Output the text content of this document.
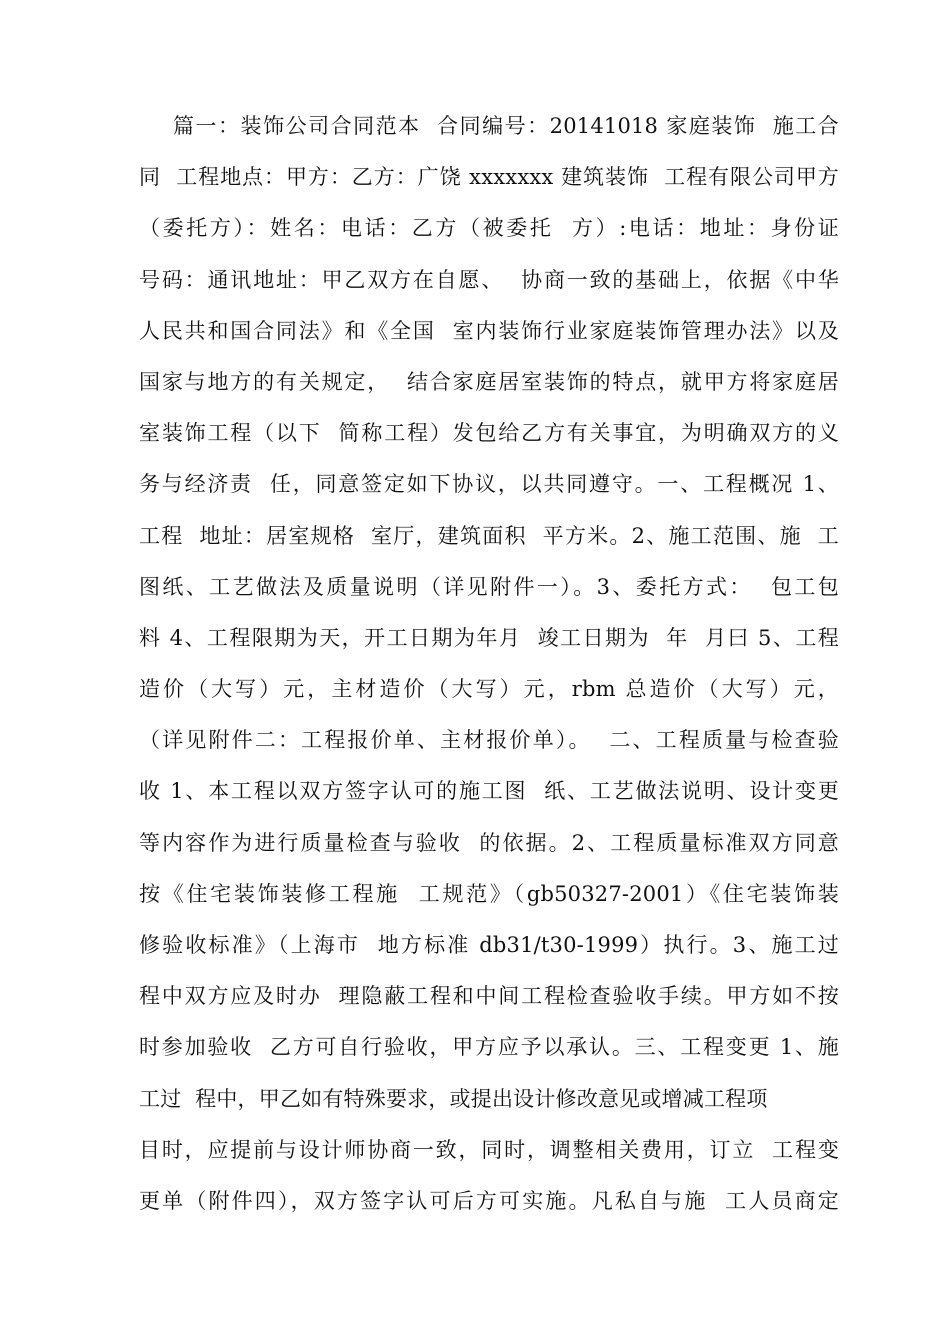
篇一：装饰公司合同范本  合同编号：20141018 家庭装饰  施工合
同  工程地点：甲方：乙方：广饶 xxxxxxx 建筑装饰  工程有限公司甲方
（委托方）：姓名：电话：乙方（被委托  方）:电话：地址：身份证
号码：通讯地址：甲乙双方在自愿、  协商一致的基础上，依据《中华
人民共和国合同法》和《全国  室内装饰行业家庭装饰管理办法》以及
国家与地方的有关规定，  结合家庭居室装饰的特点，就甲方将家庭居
室装饰工程（以下  简称工程）发包给乙方有关事宜，为明确双方的义
务与经济责  任，同意签定如下协议，以共同遵守。一、工程概况 1、
工程  地址：居室规格  室厅，建筑面积  平方米。2、施工范围、施  工
图纸、工艺做法及质量说明（详见附件一）。3、委托方式：  包工包
料 4、工程限期为天，开工日期为年月  竣工日期为  年  月曰 5、工程
造价（大写）元，主材造价（大写）元，rbm 总造价（大写）元，
（详见附件二：工程报价单、主材报价单）。  二、工程质量与检查验
收 1、本工程以双方签字认可的施工图  纸、工艺做法说明、设计变更
等内容作为进行质量检查与验收  的依据。2、工程质量标准双方同意
按《住宅装饰装修工程施  工规范》（gb50327-2001）《住宅装饰装
修验收标准》（上海市  地方标准 db31/t30-1999）执行。3、施工过
程中双方应及时办  理隐蔽工程和中间工程检查验收手续。甲方如不按
时参加验收  乙方可自行验收，甲方应予以承认。三、工程变更 1、施
工过  程中，甲乙如有特殊要求，或提出设计修改意见或增减工程项
目时，应提前与设计师协商一致，同时，调整相关费用，订立  工程变
更单（附件四），双方签字认可后方可实施。凡私自与施  工人员商定
